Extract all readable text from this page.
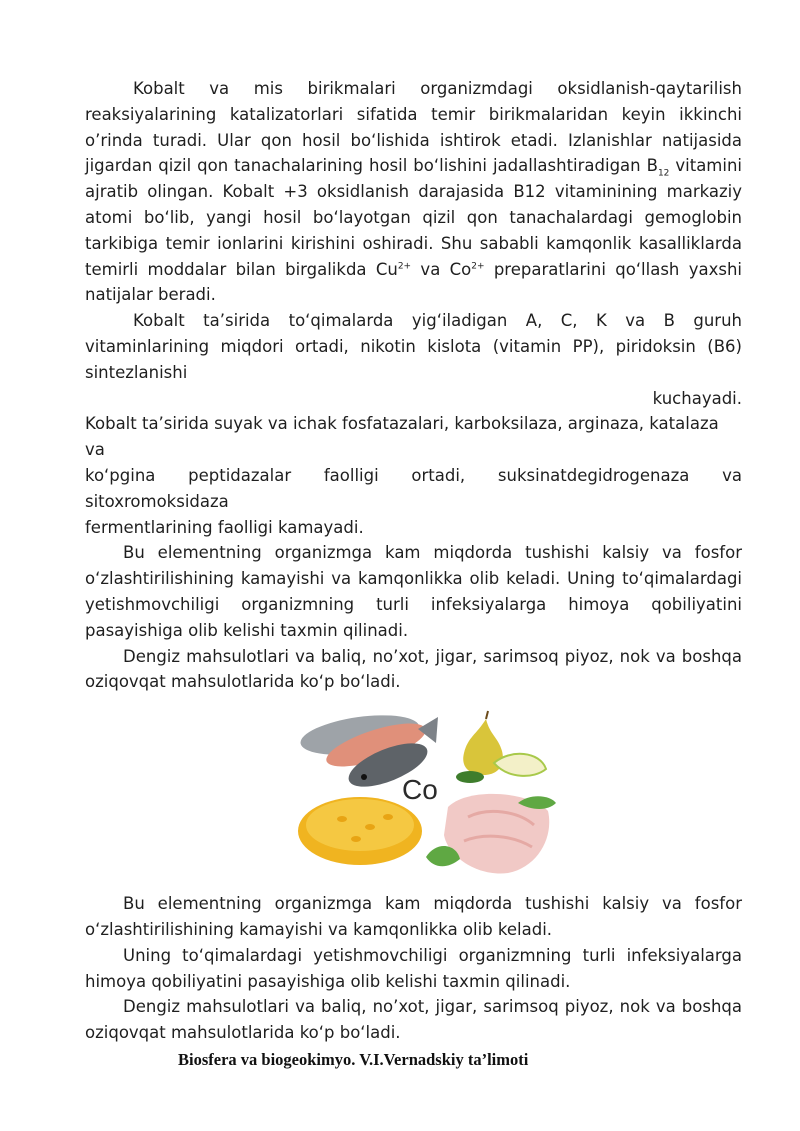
Kobalt va mis birikmalari organizmdagi oksidlanish-qaytarilish reaksiyalarining katalizatorlari sifatida temir birikmalaridan keyin ikkinchi o’rinda turadi. Ular qon hosil bo‘lishida ishtirok etadi. Izlanishlar natijasida jigardan qizil qon tanachalarining hosil bo‘lishini jadallashtiradigan $B_{12}$ vitamini ajratib olingan. Kobalt +3 oksidlanish darajasida B12 vitaminining markaziy atomi bo‘lib, yangi hosil bo‘layotgan qizil qon tanachalardagi gemoglobin tarkibiga temir ionlarini kirishini oshiradi. Shu sababli kamqonlik kasalliklarda temirli moddalar bilan birgalikda $Cu^{2+}$ va $Co^{2+}$ preparatlarini qo‘llash yaxshi natijalar beradi.

Kobalt ta’sirida to‘qimalarda yig‘iladigan A, C, K va B guruh vitaminlarining miqdori ortadi, nikotin kislota (vitamin PP), piridoksin (B6) sintezlanishi

kuchayadi.
Kobalt ta’sirida suyak va ichak fosfatazalari, karboksilaza, arginaza, katalaza
va
ko‘pgina peptidazalar faolligi ortadi, suksinatdegidrogenaza va
sitoxromoksidaza
fermentlarining faolligi kamayadi.

Bu elementning organizmga kam miqdorda tushishi kalsiy va fosfor o‘zlashtirilishining kamayishi va kamqonlikka olib keladi. Uning to‘qimalardagi yetishmovchiligi organizmning turli infeksiyalarga himoya qobiliyatini pasayishiga olib kelishi taxmin qilinadi.

Dengiz mahsulotlari va baliq, no’xot, jigar, sarimsoq piyoz, nok va boshqa oziqovqat mahsulotlarida ko‘p bo‘ladi.

Co

Bu elementning organizmga kam miqdorda tushishi kalsiy va fosfor o‘zlashtirilishining kamayishi va kamqonlikka olib keladi.

Uning to‘qimalardagi yetishmovchiligi organizmning turli infeksiyalarga himoya qobiliyatini pasayishiga olib kelishi taxmin qilinadi.

Dengiz mahsulotlari va baliq, no’xot, jigar, sarimsoq piyoz, nok va boshqa oziqovqat mahsulotlarida ko‘p bo‘ladi.

Biosfera va biogeokimyo. V.I.Vernadskiy ta’limoti
